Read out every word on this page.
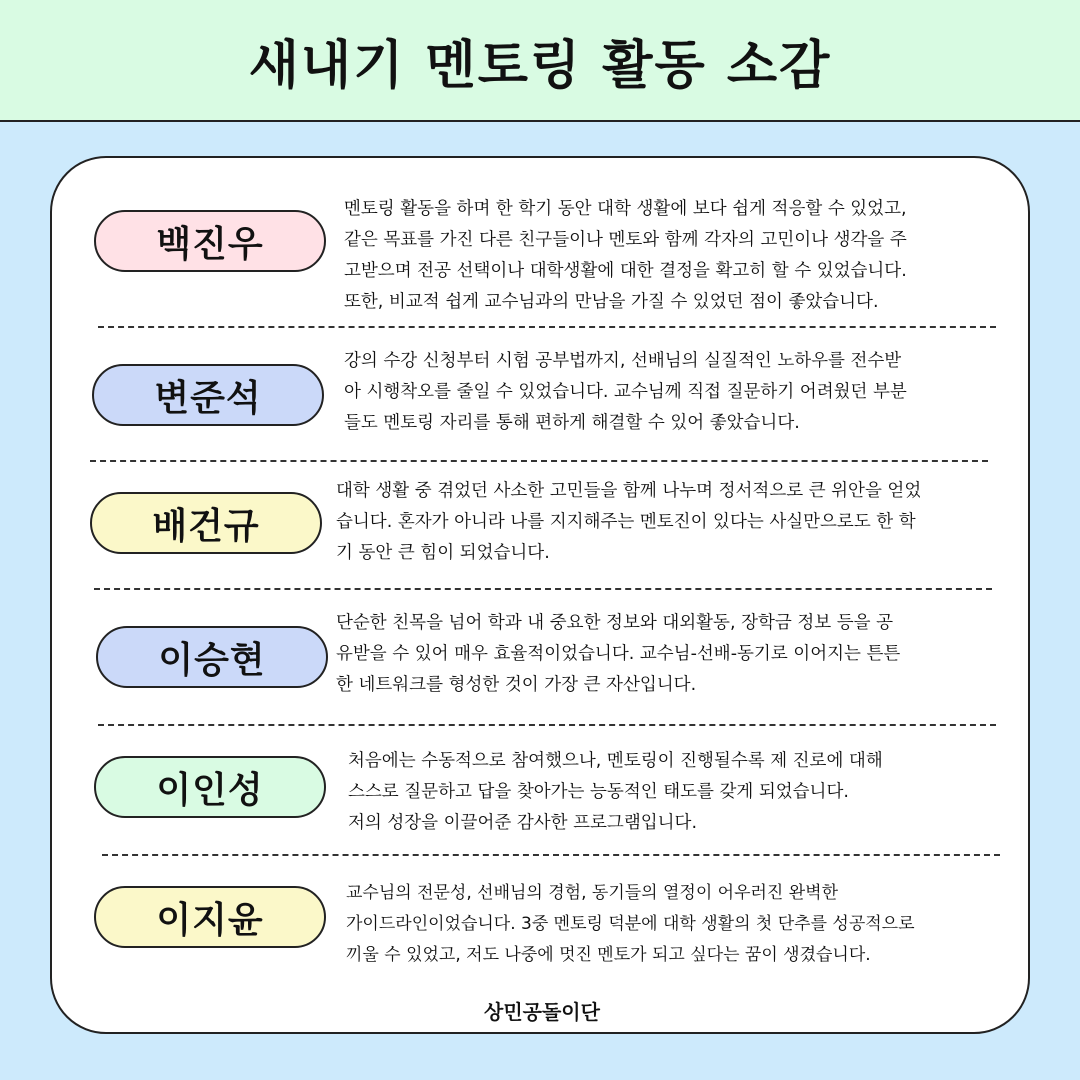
새내기 멘토링 활동 소감
백진우
멘토링 활동을 하며 한 학기 동안 대학 생활에 보다 쉽게 적응할 수 있었고,
같은 목표를 가진 다른 친구들이나 멘토와 함께 각자의 고민이나 생각을 주
고받으며 전공 선택이나 대학생활에 대한 결정을 확고히 할 수 있었습니다.
또한, 비교적 쉽게 교수님과의 만남을 가질 수 있었던 점이 좋았습니다.
변준석
강의 수강 신청부터 시험 공부법까지, 선배님의 실질적인 노하우를 전수받
아 시행착오를 줄일 수 있었습니다. 교수님께 직접 질문하기 어려웠던 부분
들도 멘토링 자리를 통해 편하게 해결할 수 있어 좋았습니다.
배건규
대학 생활 중 겪었던 사소한 고민들을 함께 나누며 정서적으로 큰 위안을 얻었
습니다. 혼자가 아니라 나를 지지해주는 멘토진이 있다는 사실만으로도 한 학
기 동안 큰 힘이 되었습니다.
이승현
단순한 친목을 넘어 학과 내 중요한 정보와 대외활동, 장학금 정보 등을 공
유받을 수 있어 매우 효율적이었습니다. 교수님-선배-동기로 이어지는 튼튼
한 네트워크를 형성한 것이 가장 큰 자산입니다.
이인성
처음에는 수동적으로 참여했으나, 멘토링이 진행될수록 제 진로에 대해
스스로 질문하고 답을 찾아가는 능동적인 태도를 갖게 되었습니다.
저의 성장을 이끌어준 감사한 프로그램입니다.
이지윤
교수님의 전문성, 선배님의 경험, 동기들의 열정이 어우러진 완벽한
가이드라인이었습니다. 3중 멘토링 덕분에 대학 생활의 첫 단추를 성공적으로
끼울 수 있었고, 저도 나중에 멋진 멘토가 되고 싶다는 꿈이 생겼습니다.
상민공돌이단
